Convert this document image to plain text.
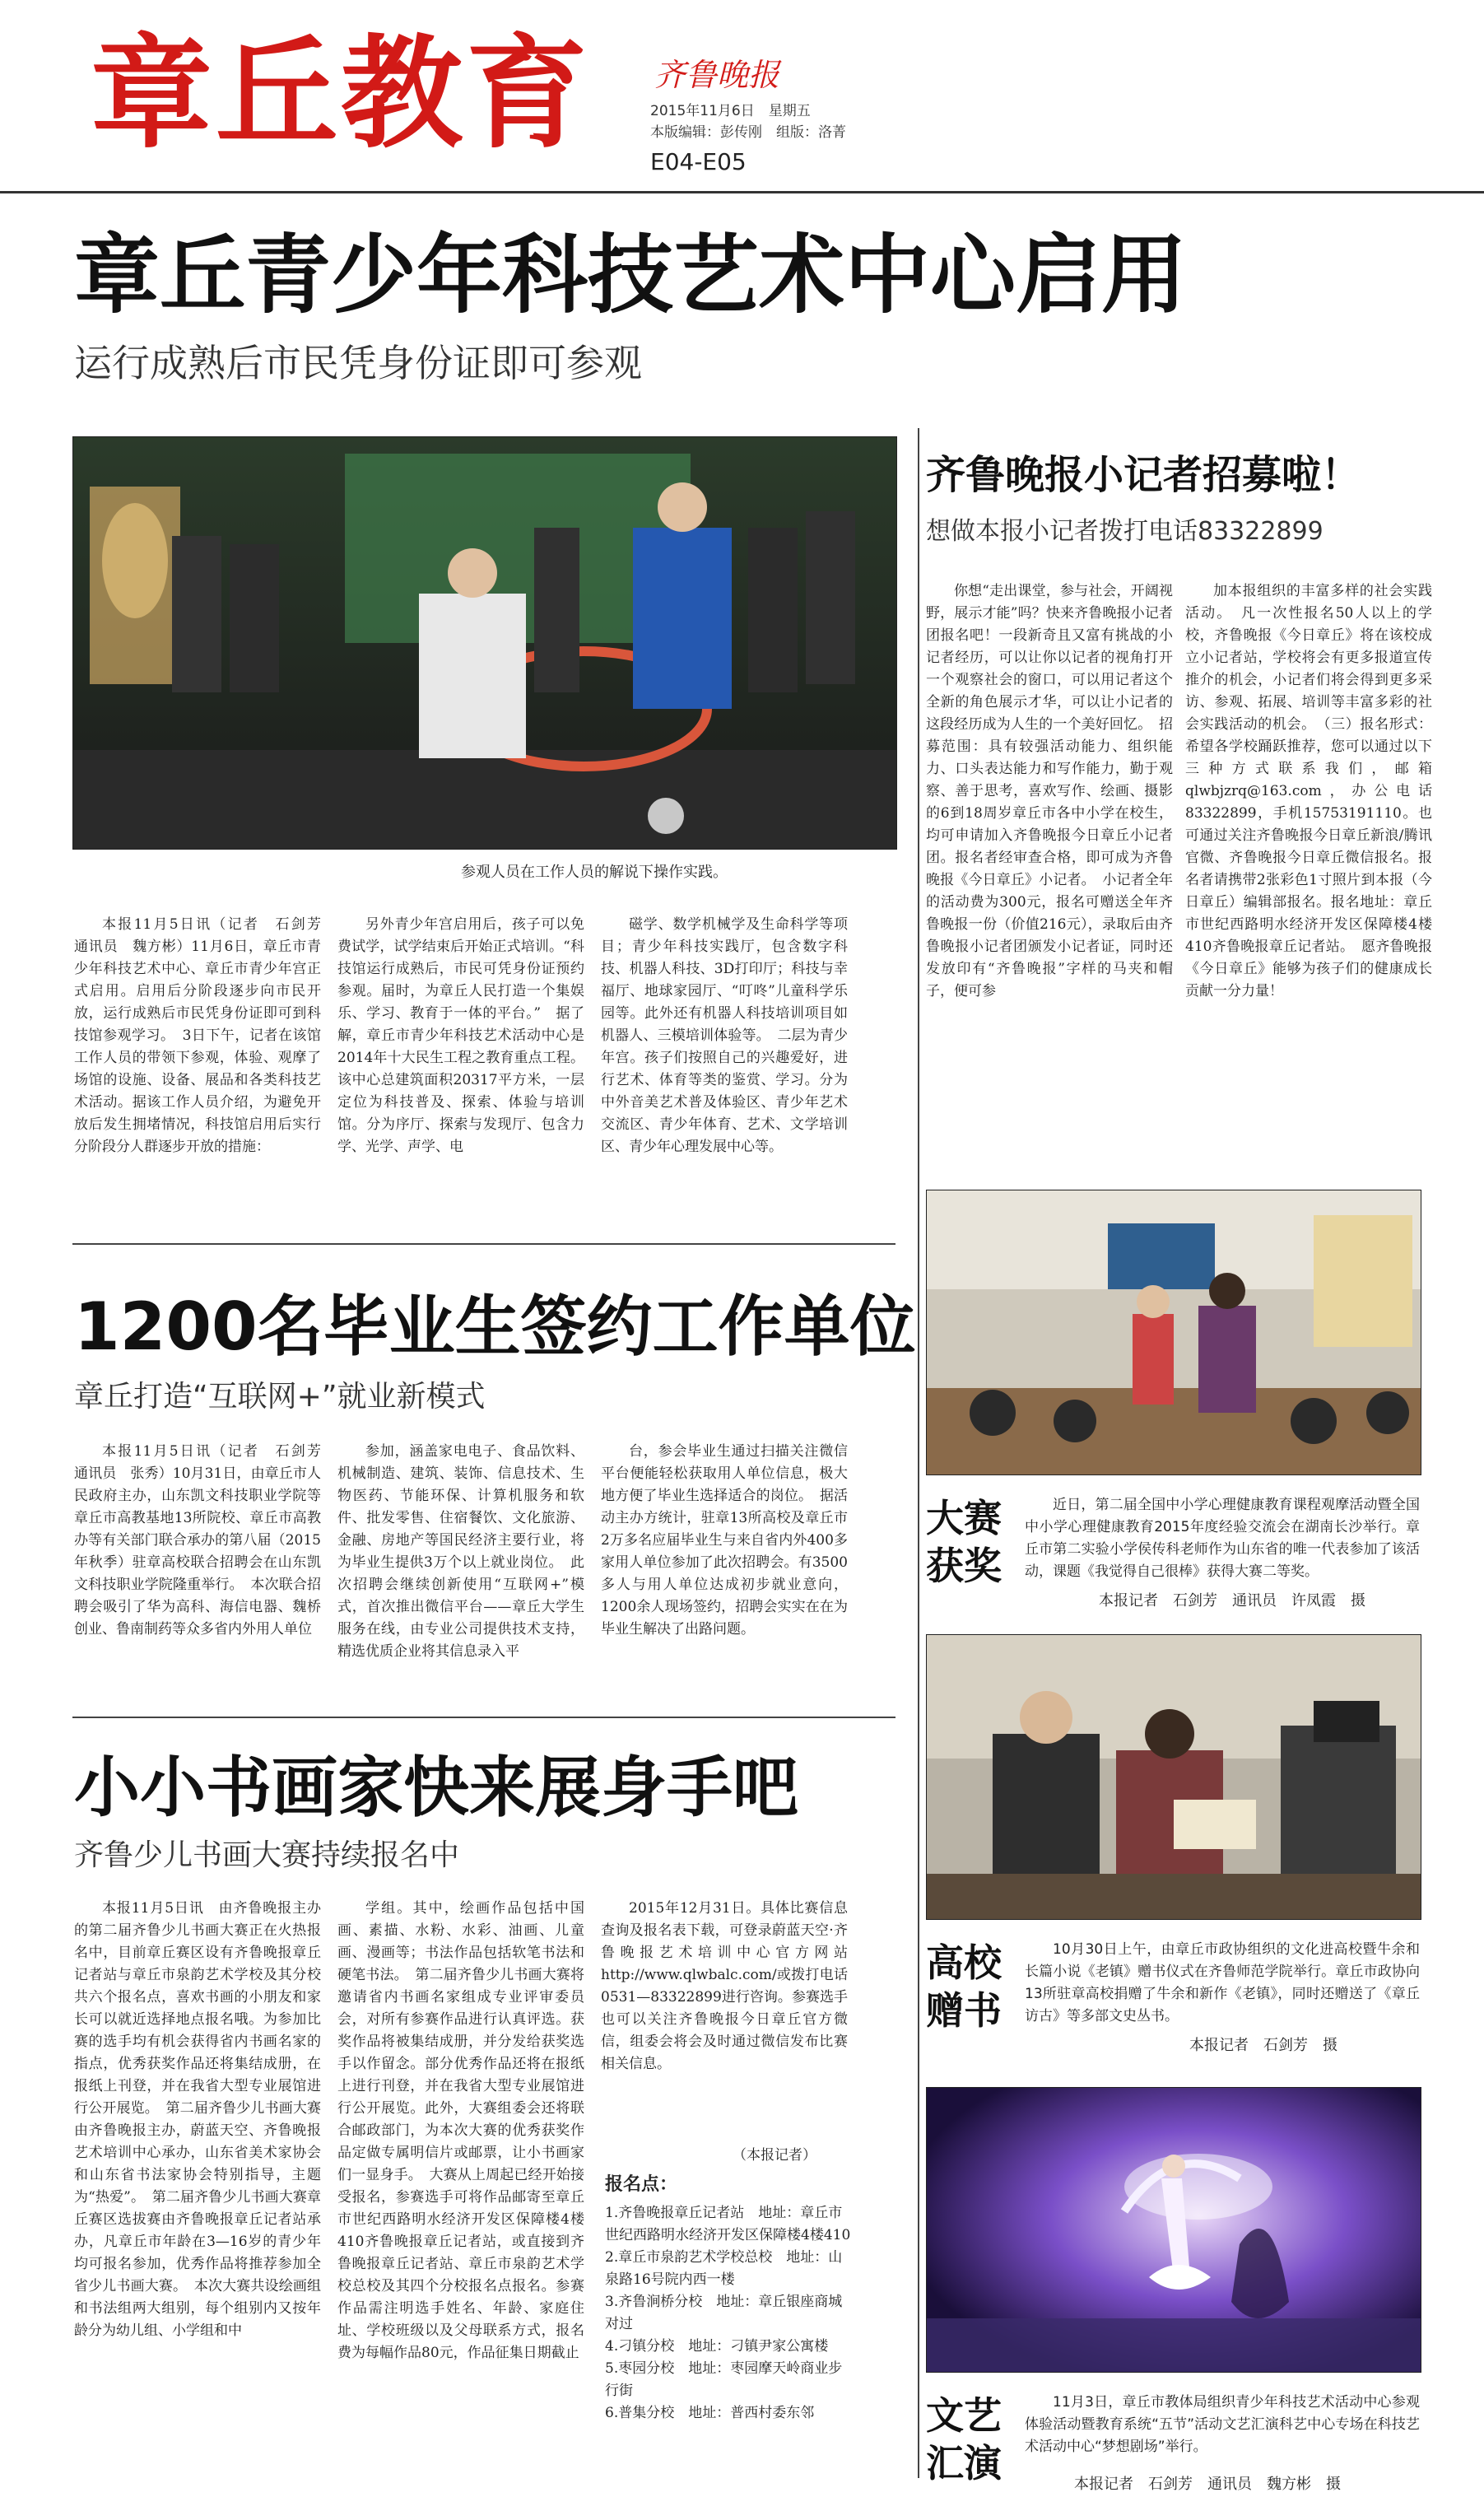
章丘教育 齐鲁晚报
2015年11月6日　星期五
本版编辑：彭传刚　组版：洛菁
E04-E05
章丘青少年科技艺术中心启用
运行成熟后市民凭身份证即可参观
参观人员在工作人员的解说下操作实践。

本报11月5日讯（记者　石剑芳　通讯员　魏方彬）11月6日，章丘市青少年科技艺术中心、章丘市青少年宫正式启用。启用后分阶段逐步向市民开放，运行成熟后市民凭身份证即可到科技馆参观学习。　3日下午，记者在该馆工作人员的带领下参观，体验、观摩了场馆的设施、设备、展品和各类科技艺术活动。据该工作人员介绍，为避免开放后发生拥堵情况，科技馆启用后实行分阶段分人群逐步开放的措施：

另外青少年宫启用后，孩子可以免费试学，试学结束后开始正式培训。“科技馆运行成熟后，市民可凭身份证预约参观。届时，为章丘人民打造一个集娱乐、学习、教育于一体的平台。”　据了解，章丘市青少年科技艺术活动中心是2014年十大民生工程之教育重点工程。该中心总建筑面积20317平方米，一层定位为科技普及、探索、体验与培训馆。分为序厅、探索与发现厅、包含力学、光学、声学、电

磁学、数学机械学及生命科学等项目；青少年科技实践厅，包含数字科技、机器人科技、3D打印厅；科技与幸福厅、地球家园厅、“叮咚”儿童科学乐园等。此外还有机器人科技培训项目如机器人、三模培训体验等。　二层为青少年宫。孩子们按照自己的兴趣爱好，进行艺术、体育等类的鉴赏、学习。分为中外音美艺术普及体验区、青少年艺术交流区、青少年体育、艺术、文学培训区、青少年心理发展中心等。

齐鲁晚报小记者招募啦！
想做本报小记者拨打电话83322899

你想“走出课堂，参与社会，开阔视野，展示才能”吗？快来齐鲁晚报小记者团报名吧！一段新奇且又富有挑战的小记者经历，可以让你以记者的视角打开一个观察社会的窗口，可以用记者这个全新的角色展示才华，可以让小记者的这段经历成为人生的一个美好回忆。　招募范围：具有较强活动能力、组织能力、口头表达能力和写作能力，勤于观察、善于思考，喜欢写作、绘画、摄影的6到18周岁章丘市各中小学在校生，均可申请加入齐鲁晚报今日章丘小记者团。报名者经审查合格，即可成为齐鲁晚报《今日章丘》小记者。　小记者全年的活动费为300元，报名可赠送全年齐鲁晚报一份（价值216元），录取后由齐鲁晚报小记者团颁发小记者证，同时还发放印有“齐鲁晚报”字样的马夹和帽子，便可参

加本报组织的丰富多样的社会实践活动。　凡一次性报名50人以上的学校，齐鲁晚报《今日章丘》将在该校成立小记者站，学校将会有更多报道宣传推介的机会，小记者们将会得到更多采访、参观、拓展、培训等丰富多彩的社会实践活动的机会。　（三）报名形式：希望各学校踊跃推荐，您可以通过以下三种方式联系我们，邮箱qlwbjzrq@163.com，办公电话83322899，手机15753191110。也可通过关注齐鲁晚报今日章丘新浪/腾讯官微、齐鲁晚报今日章丘微信报名。报名者请携带2张彩色1寸照片到本报（今日章丘）编辑部报名。报名地址：章丘市世纪西路明水经济开发区保障楼4楼410齐鲁晚报章丘记者站。　愿齐鲁晚报《今日章丘》能够为孩子们的健康成长贡献一分力量！

1200名毕业生签约工作单位
章丘打造“互联网+”就业新模式

本报11月5日讯（记者　石剑芳　通讯员　张秀）10月31日，由章丘市人民政府主办，山东凯文科技职业学院等章丘市高教基地13所院校、章丘市高教办等有关部门联合承办的第八届（2015年秋季）驻章高校联合招聘会在山东凯文科技职业学院隆重举行。　本次联合招聘会吸引了华为高科、海信电器、魏桥创业、鲁南制药等众多省内外用人单位

参加，涵盖家电电子、食品饮料、机械制造、建筑、装饰、信息技术、生物医药、节能环保、计算机服务和软件、批发零售、住宿餐饮、文化旅游、金融、房地产等国民经济主要行业，将为毕业生提供3万个以上就业岗位。　此次招聘会继续创新使用“互联网+”模式，首次推出微信平台——章丘大学生服务在线，由专业公司提供技术支持，精选优质企业将其信息录入平

台，参会毕业生通过扫描关注微信平台便能轻松获取用人单位信息，极大地方便了毕业生选择适合的岗位。　据活动主办方统计，驻章13所高校及章丘市2万多名应届毕业生与来自省内外400多家用人单位参加了此次招聘会。有3500多人与用人单位达成初步就业意向，1200余人现场签约，招聘会实实在在为毕业生解决了出路问题。

小小书画家快来展身手吧
齐鲁少儿书画大赛持续报名中

本报11月5日讯　由齐鲁晚报主办的第二届齐鲁少儿书画大赛正在火热报名中，目前章丘赛区设有齐鲁晚报章丘记者站与章丘市泉韵艺术学校及其分校共六个报名点，喜欢书画的小朋友和家长可以就近选择地点报名哦。为参加比赛的选手均有机会获得省内书画名家的指点，优秀获奖作品还将集结成册，在报纸上刊登，并在我省大型专业展馆进行公开展览。　第二届齐鲁少儿书画大赛由齐鲁晚报主办，蔚蓝天空、齐鲁晚报艺术培训中心承办，山东省美术家协会和山东省书法家协会特别指导，主题为“热爱”。　第二届齐鲁少儿书画大赛章丘赛区选拔赛由齐鲁晚报章丘记者站承办，凡章丘市年龄在3—16岁的青少年均可报名参加，优秀作品将推荐参加全省少儿书画大赛。　本次大赛共设绘画组和书法组两大组别，每个组别内又按年龄分为幼儿组、小学组和中

学组。其中，绘画作品包括中国画、素描、水粉、水彩、油画、儿童画、漫画等；书法作品包括软笔书法和硬笔书法。　第二届齐鲁少儿书画大赛将邀请省内书画名家组成专业评审委员会，对所有参赛作品进行认真评选。获奖作品将被集结成册，并分发给获奖选手以作留念。部分优秀作品还将在报纸上进行刊登，并在我省大型专业展馆进行公开展览。此外，大赛组委会还将联合邮政部门，为本次大赛的优秀获奖作品定做专属明信片或邮票，让小书画家们一显身手。　大赛从上周起已经开始接受报名，参赛选手可将作品邮寄至章丘市世纪西路明水经济开发区保障楼4楼410齐鲁晚报章丘记者站，或直接到齐鲁晚报章丘记者站、章丘市泉韵艺术学校总校及其四个分校报名点报名。参赛作品需注明选手姓名、年龄、家庭住址、学校班级以及父母联系方式，报名费为每幅作品80元，作品征集日期截止

2015年12月31日。具体比赛信息查询及报名表下载，可登录蔚蓝天空·齐鲁晚报艺术培训中心官方网站http://www.qlwbalc.com/或拨打电话0531—83322899进行咨询。参赛选手也可以关注齐鲁晚报今日章丘官方微信，组委会将会及时通过微信发布比赛相关信息。

（本报记者）
报名点：
1.齐鲁晚报章丘记者站　地址：章丘市世纪西路明水经济开发区保障楼4楼410
2.章丘市泉韵艺术学校总校　地址：山泉路16号院内西一楼
3.齐鲁涧桥分校　地址：章丘银座商城对过
4.刁镇分校　地址：刁镇尹家公寓楼
5.枣园分校　地址：枣园摩天岭商业步行街
6.普集分校　地址：普西村委东邻
大赛
获奖

近日，第二届全国中小学心理健康教育课程观摩活动暨全国中小学心理健康教育2015年度经验交流会在湖南长沙举行。章丘市第二实验小学侯传科老师作为山东省的唯一代表参加了该活动，课题《我觉得自己很棒》获得大赛二等奖。

本报记者　石剑芳　通讯员　许凤霞　摄
高校
赠书

10月30日上午，由章丘市政协组织的文化进高校暨牛余和长篇小说《老镇》赠书仪式在齐鲁师范学院举行。章丘市政协向13所驻章高校捐赠了牛余和新作《老镇》，同时还赠送了《章丘访古》等多部文史丛书。

本报记者　石剑芳　摄
文艺
汇演

11月3日，章丘市教体局组织青少年科技艺术活动中心参观体验活动暨教育系统“五节”活动文艺汇演科艺中心专场在科技艺术活动中心“梦想剧场”举行。

本报记者　石剑芳　通讯员　魏方彬　摄
